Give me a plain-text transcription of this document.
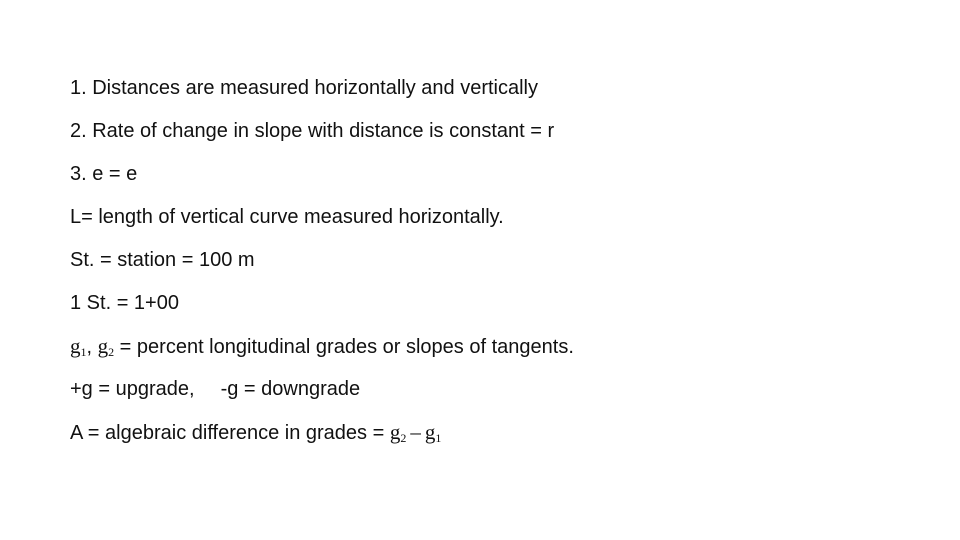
1. Distances are measured horizontally and vertically
2. Rate of change in slope with distance is constant = r
3. e = e
L= length of vertical curve measured horizontally.
St. = station = 100 m
1 St. = 1+00
$g_1$, $g_2$ = percent longitudinal grades or slopes of tangents.
+g = upgrade, -g = downgrade
A = algebraic difference in grades = $g_2 - g_1$
